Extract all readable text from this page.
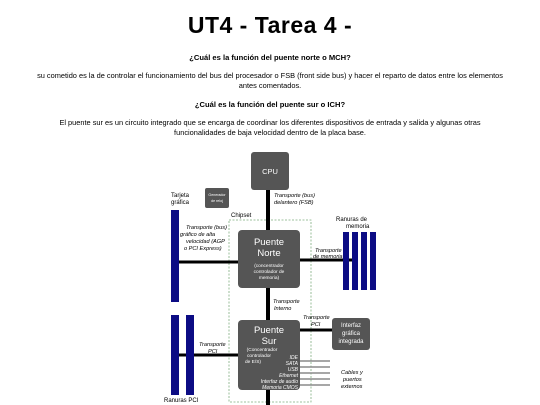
UT4 - Tarea 4 -
¿Cuál es la función del puente norte o MCH?
su cometido es la de controlar el funcionamiento del bus del procesador o FSB (front side bus) y hacer el reparto de datos entre los elementos
antes comentados.
¿Cuál es la función del puente sur o ICH?
El puente sur es un circuito integrado que se encarga de coordinar los diferentes dispositivos de entrada y salida y algunas otras
funcionalidades de baja velocidad dentro de la placa base.
CPU
Generador
de reloj
Puente
Norte
(concentrador
controlador de
memoria)
Puente
Sur
(Concentrador
controlador
de E/S)
Interfaz
gráfica
integrada
Transporte (bus)
delantero (FSB)
Transporte (bus)
gráfico de alta
velocidad (AGP
o PCI Express)	Transporte
de memoria
Transporte
Interno
Transporte
PCI
Transporte
PCI
Cables y
puertos
externos
IDE
SATA
USB
Ethernet
Interfaz de audio
Memoria CMOS
Tarjeta
gráfica
Chipset
Ranuras de
memoria
Ranuras PCI
